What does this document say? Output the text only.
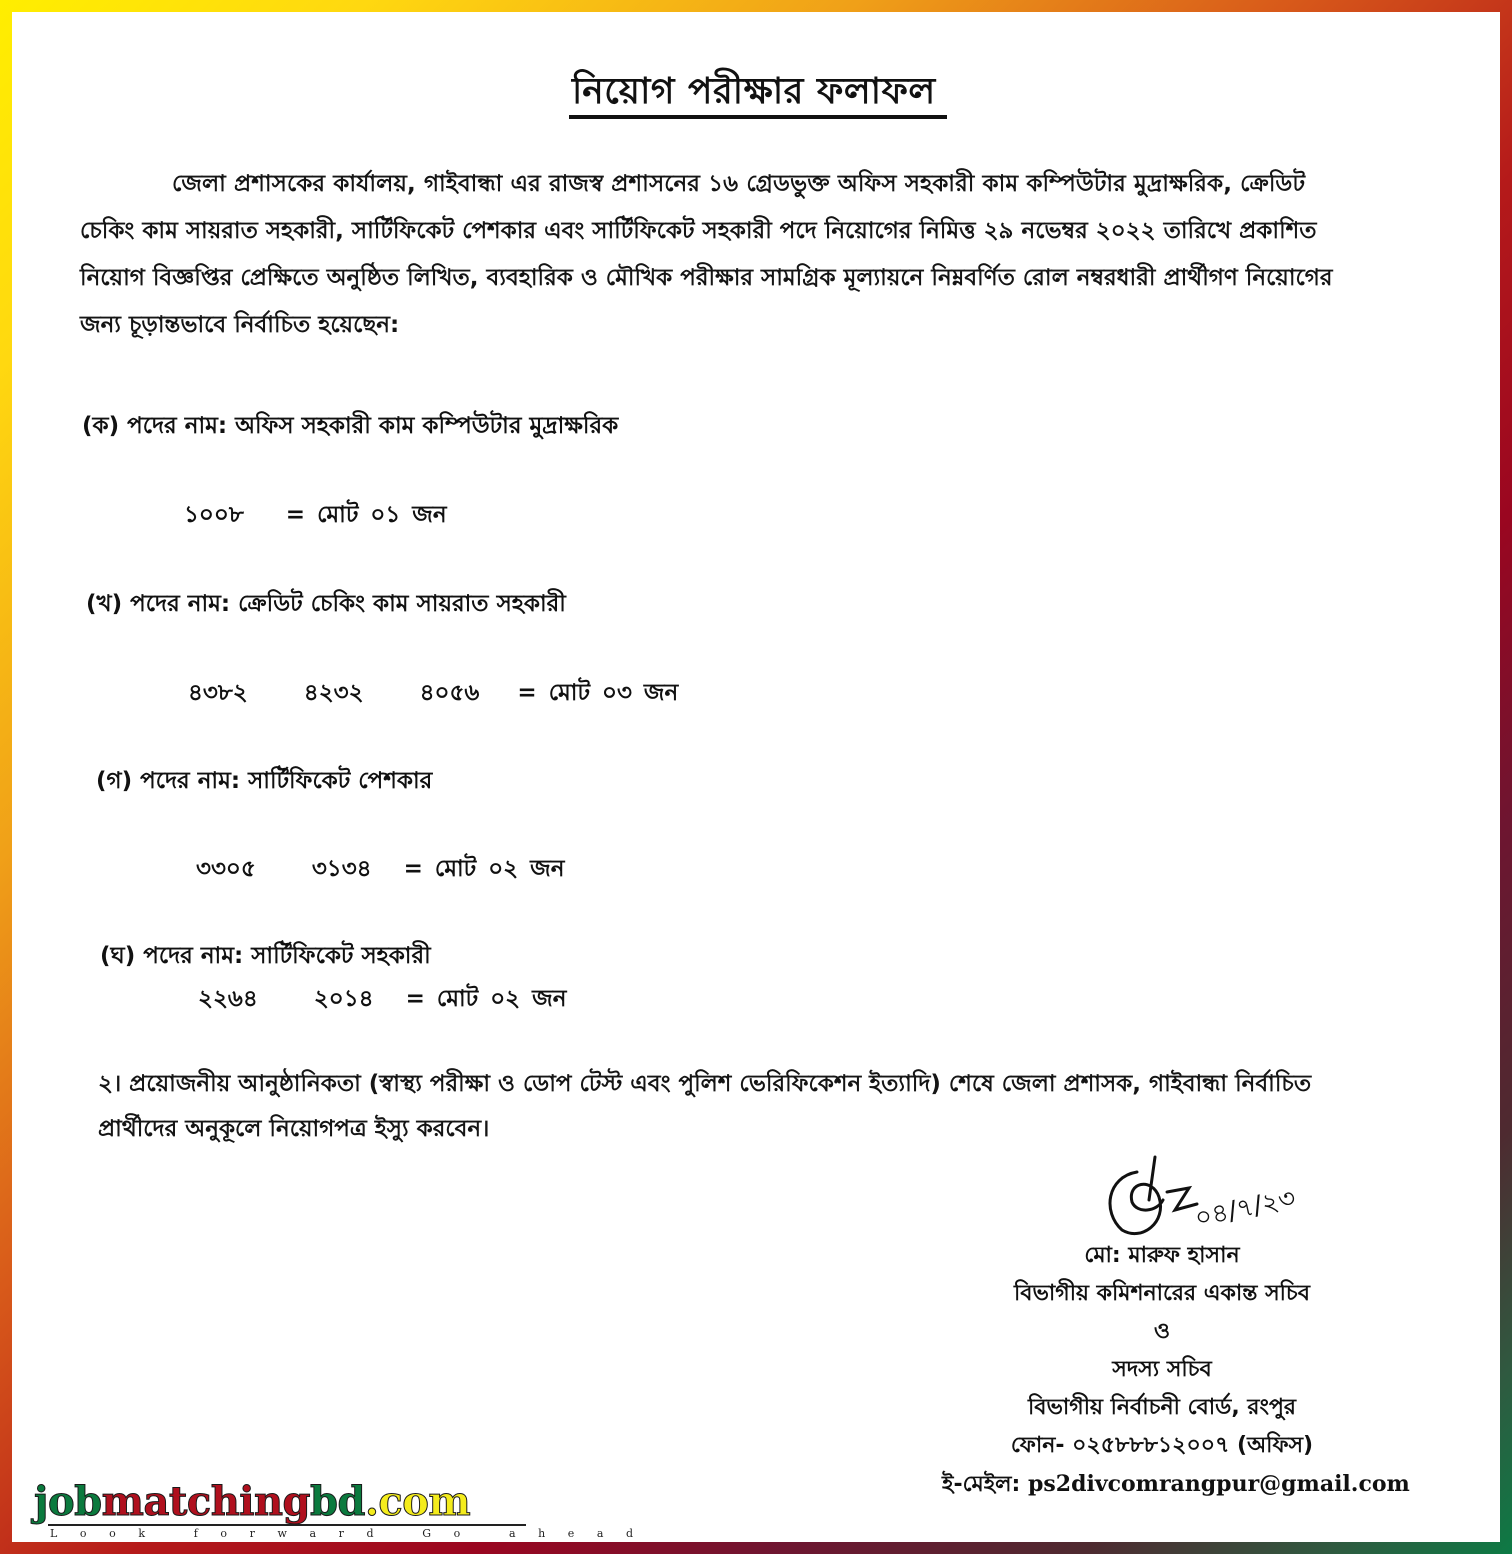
নিয়োগ পরীক্ষার ফলাফল
জেলা প্রশাসকের কার্যালয়, গাইবান্ধা এর রাজস্ব প্রশাসনের ১৬ গ্রেডভুক্ত অফিস সহকারী কাম কম্পিউটার মুদ্রাক্ষরিক, ক্রেডিট
চেকিং কাম সায়রাত সহকারী, সার্টিফিকেট পেশকার এবং সার্টিফিকেট সহকারী পদে নিয়োগের নিমিত্ত ২৯ নভেম্বর ২০২২ তারিখে প্রকাশিত
নিয়োগ বিজ্ঞপ্তির প্রেক্ষিতে অনুষ্ঠিত লিখিত, ব্যবহারিক ও মৌখিক পরীক্ষার সামগ্রিক মূল্যায়নে নিম্নবর্ণিত রোল নম্বরধারী প্রার্থীগণ নিয়োগের
জন্য চূড়ান্তভাবে নির্বাচিত হয়েছেন:
(ক) পদের নাম: অফিস সহকারী কাম কম্পিউটার মুদ্রাক্ষরিক
১০০৮ = মোট ০১ জন
(খ) পদের নাম: ক্রেডিট চেকিং কাম সায়রাত সহকারী
৪৩৮২ ৪২৩২ ৪০৫৬ = মোট ০৩ জন
(গ) পদের নাম: সার্টিফিকেট পেশকার
৩৩০৫ ৩১৩৪ = মোট ০২ জন
(ঘ) পদের নাম: সার্টিফিকেট সহকারী
২২৬৪ ২০১৪ = মোট ০২ জন
২। প্রয়োজনীয় আনুষ্ঠানিকতা (স্বাস্থ্য পরীক্ষা ও ডোপ টেস্ট এবং পুলিশ ভেরিফিকেশন ইত্যাদি) শেষে জেলা প্রশাসক, গাইবান্ধা নির্বাচিত
প্রার্থীদের অনুকূলে নিয়োগপত্র ইস্যু করবেন।
০৪/৭/২৩
মো: মারুফ হাসান
বিভাগীয় কমিশনারের একান্ত সচিব
ও
সদস্য সচিব
বিভাগীয় নির্বাচনী বোর্ড, রংপুর
ফোন- ০২৫৮৮৮১২০০৭ (অফিস)
ই-মেইল: ps2divcomrangpur@gmail.com
jobmatchingbd.com
Look forward Go ahead
